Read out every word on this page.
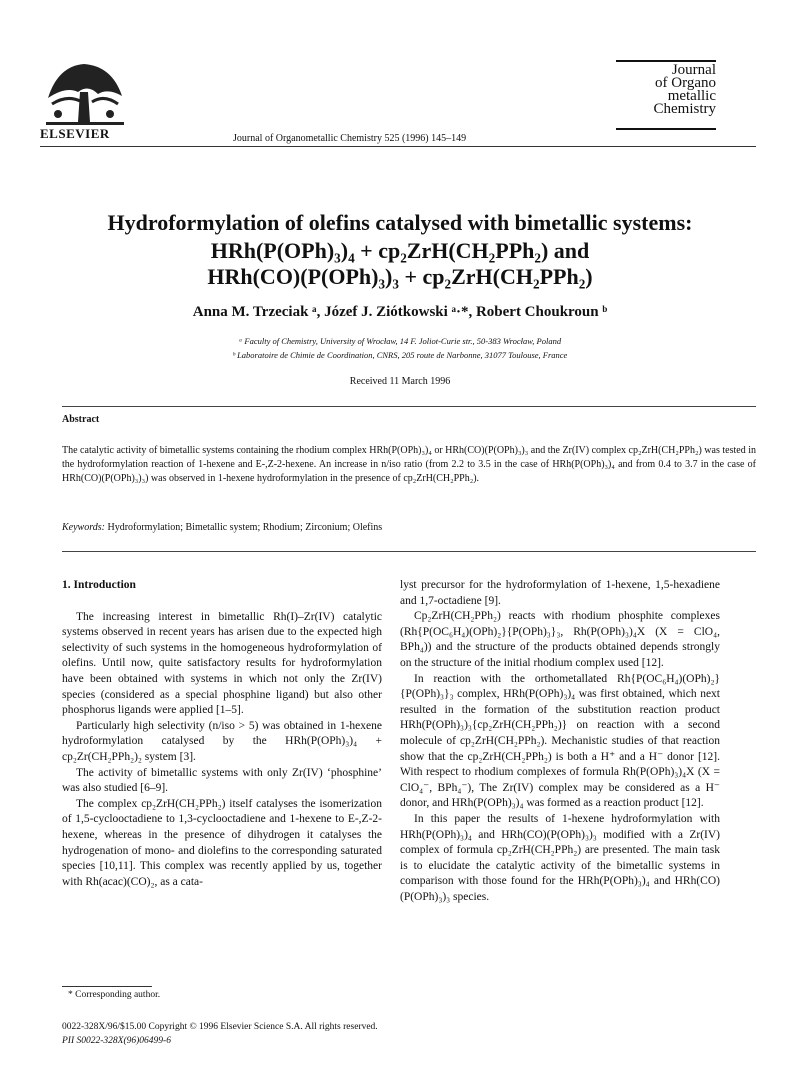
ELSEVIER	Journal of Organometallic Chemistry 525 (1996) 145–149
Journal
of Organo
metallic
Chemistry
Hydroformylation of olefins catalysed with bimetallic systems:
HRh(P(OPh)₃)₄ + cp₂ZrH(CH₂PPh₂) and
HRh(CO)(P(OPh)₃)₃ + cp₂ZrH(CH₂PPh₂)
Anna M. Trzeciak ᵃ, Józef J. Ziótkowski ᵃ·*, Robert Choukroun ᵇ
ᵃ Faculty of Chemistry, University of Wrocław, 14 F. Joliot-Curie str., 50-383 Wrocław, Poland
ᵇ Laboratoire de Chimie de Coordination, CNRS, 205 route de Narbonne, 31077 Toulouse, France
Received 11 March 1996
Abstract
The catalytic activity of bimetallic systems containing the rhodium complex HRh(P(OPh)₃)₄ or HRh(CO)(P(OPh)₃)₃ and the Zr(IV) complex cp₂ZrH(CH₂PPh₂) was tested in the hydroformylation reaction of 1-hexene and E-,Z-2-hexene. An increase in n/iso ratio (from 2.2 to 3.5 in the case of HRh(P(OPh)₃)₄ and from 0.4 to 3.7 in the case of HRh(CO)(P(OPh)₃)₃) was observed in 1-hexene hydroformylation in the presence of cp₂ZrH(CH₂PPh₂).
Keywords: Hydroformylation; Bimetallic system; Rhodium; Zirconium; Olefins
1. Introduction

The increasing interest in bimetallic Rh(I)–Zr(IV) catalytic systems observed in recent years has arisen due to the expected high selectivity of such systems in the homogeneous hydroformylation of olefins. Until now, quite satisfactory results for hydroformylation have been obtained with systems in which not only the Zr(IV) species (considered as a special phosphine ligand) but also other phosphorus ligands were applied [1–5].

Particularly high selectivity (n/iso > 5) was obtained in 1-hexene hydroformylation catalysed by the HRh(P(OPh)₃)₄ + cp₂Zr(CH₂PPh₂)₂ system [3].

The activity of bimetallic systems with only Zr(IV) ‘phosphine’ was also studied [6–9].

The complex cp₂ZrH(CH₂PPh₂) itself catalyses the isomerization of 1,5-cyclooctadiene to 1,3-cyclooctadiene and 1-hexene to E-,Z-2-hexene, whereas in the presence of dihydrogen it catalyses the hydrogenation of mono- and diolefins to the corresponding saturated species [10,11]. This complex was recently applied by us, together with Rh(acac)(CO)₂, as a cata-

lyst precursor for the hydroformylation of 1-hexene, 1,5-hexadiene and 1,7-octadiene [9].

Cp₂ZrH(CH₂PPh₂) reacts with rhodium phosphite complexes (Rh{P(OC₆H₄)(OPh)₂}{P(OPh)₃}₃, Rh(P(OPh)₃)₄X (X = ClO₄, BPh₄)) and the structure of the products obtained depends strongly on the structure of the initial rhodium complex used [12].

In reaction with the orthometallated Rh{P(OC₆H₄)(OPh)₂}{P(OPh)₃}₃ complex, HRh(P(OPh)₃)₄ was first obtained, which next resulted in the formation of the substitution reaction product HRh(P(OPh)₃)₃{cp₂ZrH(CH₂PPh₂)} on reaction with a second molecule of cp₂ZrH(CH₂PPh₂). Mechanistic studies of that reaction show that the cp₂ZrH(CH₂PPh₂) is both a H⁺ and a H⁻ donor [12]. With respect to rhodium complexes of formula Rh(P(OPh)₃)₄X (X = ClO₄⁻, BPh₄⁻), The Zr(IV) complex may be considered as a H⁻ donor, and HRh(P(OPh)₃)₄ was formed as a reaction product [12].

In this paper the results of 1-hexene hydroformylation with HRh(P(OPh)₃)₄ and HRh(CO)(P(OPh)₃)₃ modified with a Zr(IV) complex of formula cp₂ZrH(CH₂PPh₂) are presented. The main task is to elucidate the catalytic activity of the bimetallic systems in comparison with those found for the HRh(P(OPh)₃)₄ and HRh(CO)(P(OPh)₃)₃ species.

* Corresponding author.
0022-328X/96/$15.00 Copyright © 1996 Elsevier Science S.A. All rights reserved.
PII S0022-328X(96)06499-6
